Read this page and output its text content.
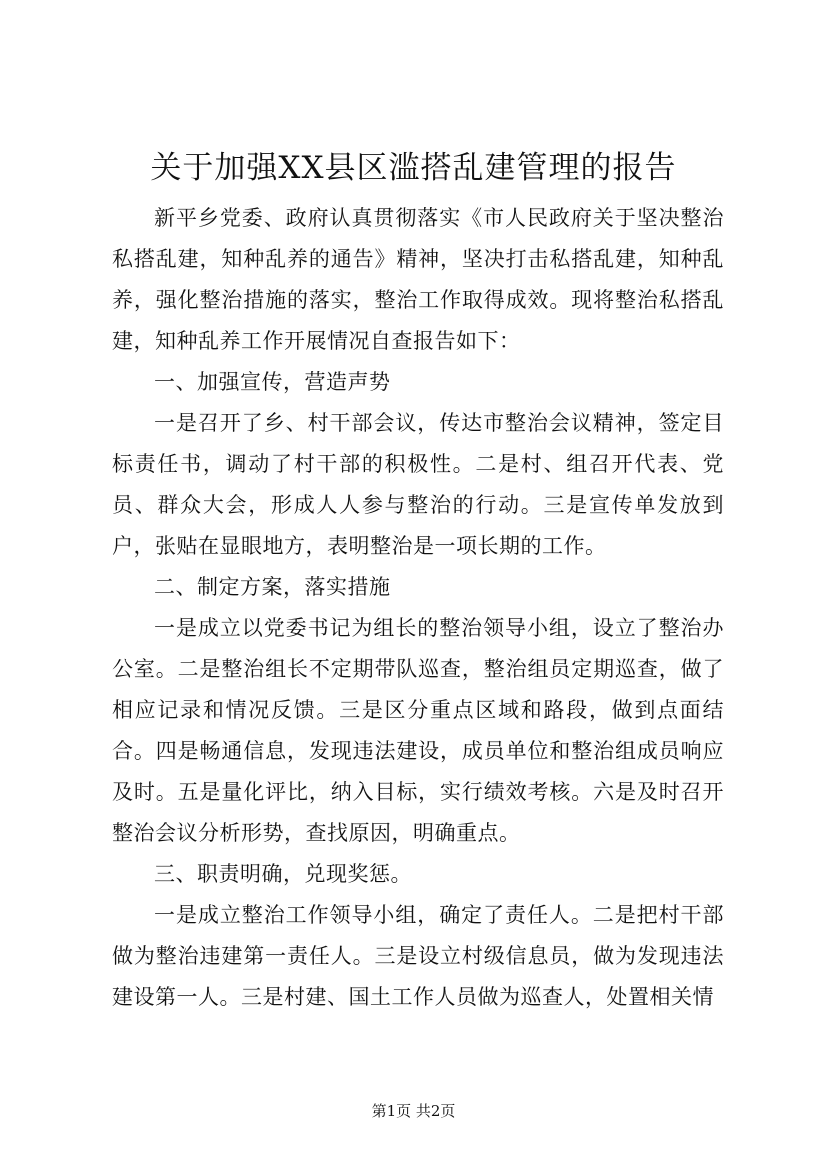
关于加强XX县区滥搭乱建管理的报告

新平乡党委、政府认真贯彻落实《市人民政府关于坚决整治私搭乱建，知种乱养的通告》精神，坚决打击私搭乱建，知种乱养，强化整治措施的落实，整治工作取得成效。现将整治私搭乱建，知种乱养工作开展情况自查报告如下：

一、加强宣传，营造声势

一是召开了乡、村干部会议，传达市整治会议精神，签定目标责任书，调动了村干部的积极性。二是村、组召开代表、党员、群众大会，形成人人参与整治的行动。三是宣传单发放到户，张贴在显眼地方，表明整治是一项长期的工作。

二、制定方案，落实措施

一是成立以党委书记为组长的整治领导小组，设立了整治办公室。二是整治组长不定期带队巡查，整治组员定期巡查，做了相应记录和情况反馈。三是区分重点区域和路段，做到点面结合。四是畅通信息，发现违法建设，成员单位和整治组成员响应及时。五是量化评比，纳入目标，实行绩效考核。六是及时召开整治会议分析形势，查找原因，明确重点。

三、职责明确，兑现奖惩。

一是成立整治工作领导小组，确定了责任人。二是把村干部做为整治违建第一责任人。三是设立村级信息员，做为发现违法建设第一人。三是村建、国土工作人员做为巡查人，处置相关情

第1页 共2页
